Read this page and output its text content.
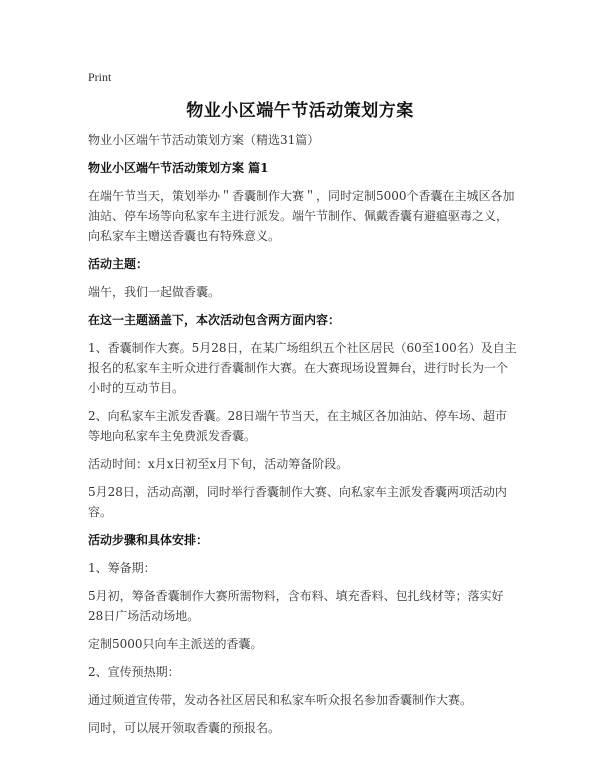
Print
物业小区端午节活动策划方案

物业小区端午节活动策划方案（精选31篇）

物业小区端午节活动策划方案 篇1

在端午节当天，策划举办＂香囊制作大赛＂，同时定制5000个香囊在主城区各加油站、停车场等向私家车主进行派发。端午节制作、佩戴香囊有避瘟驱毒之义，向私家车主赠送香囊也有特殊意义。

活动主题：

端午，我们一起做香囊。

在这一主题涵盖下，本次活动包含两方面内容：

1、香囊制作大赛。5月28日，在某广场组织五个社区居民（60至100名）及自主报名的私家车主听众进行香囊制作大赛。在大赛现场设置舞台，进行时长为一个小时的互动节目。

2、向私家车主派发香囊。28日端午节当天，在主城区各加油站、停车场、超市等地向私家车主免费派发香囊。

活动时间：x月x日初至x月下旬，活动筹备阶段。

5月28日，活动高潮，同时举行香囊制作大赛、向私家车主派发香囊两项活动内容。

活动步骤和具体安排：

1、筹备期：

5月初，筹备香囊制作大赛所需物料，含布料、填充香料、包扎线材等；落实好28日广场活动场地。

定制5000只向车主派送的香囊。

2、宣传预热期：

通过频道宣传带，发动各社区居民和私家车听众报名参加香囊制作大赛。

同时，可以展开领取香囊的预报名。
